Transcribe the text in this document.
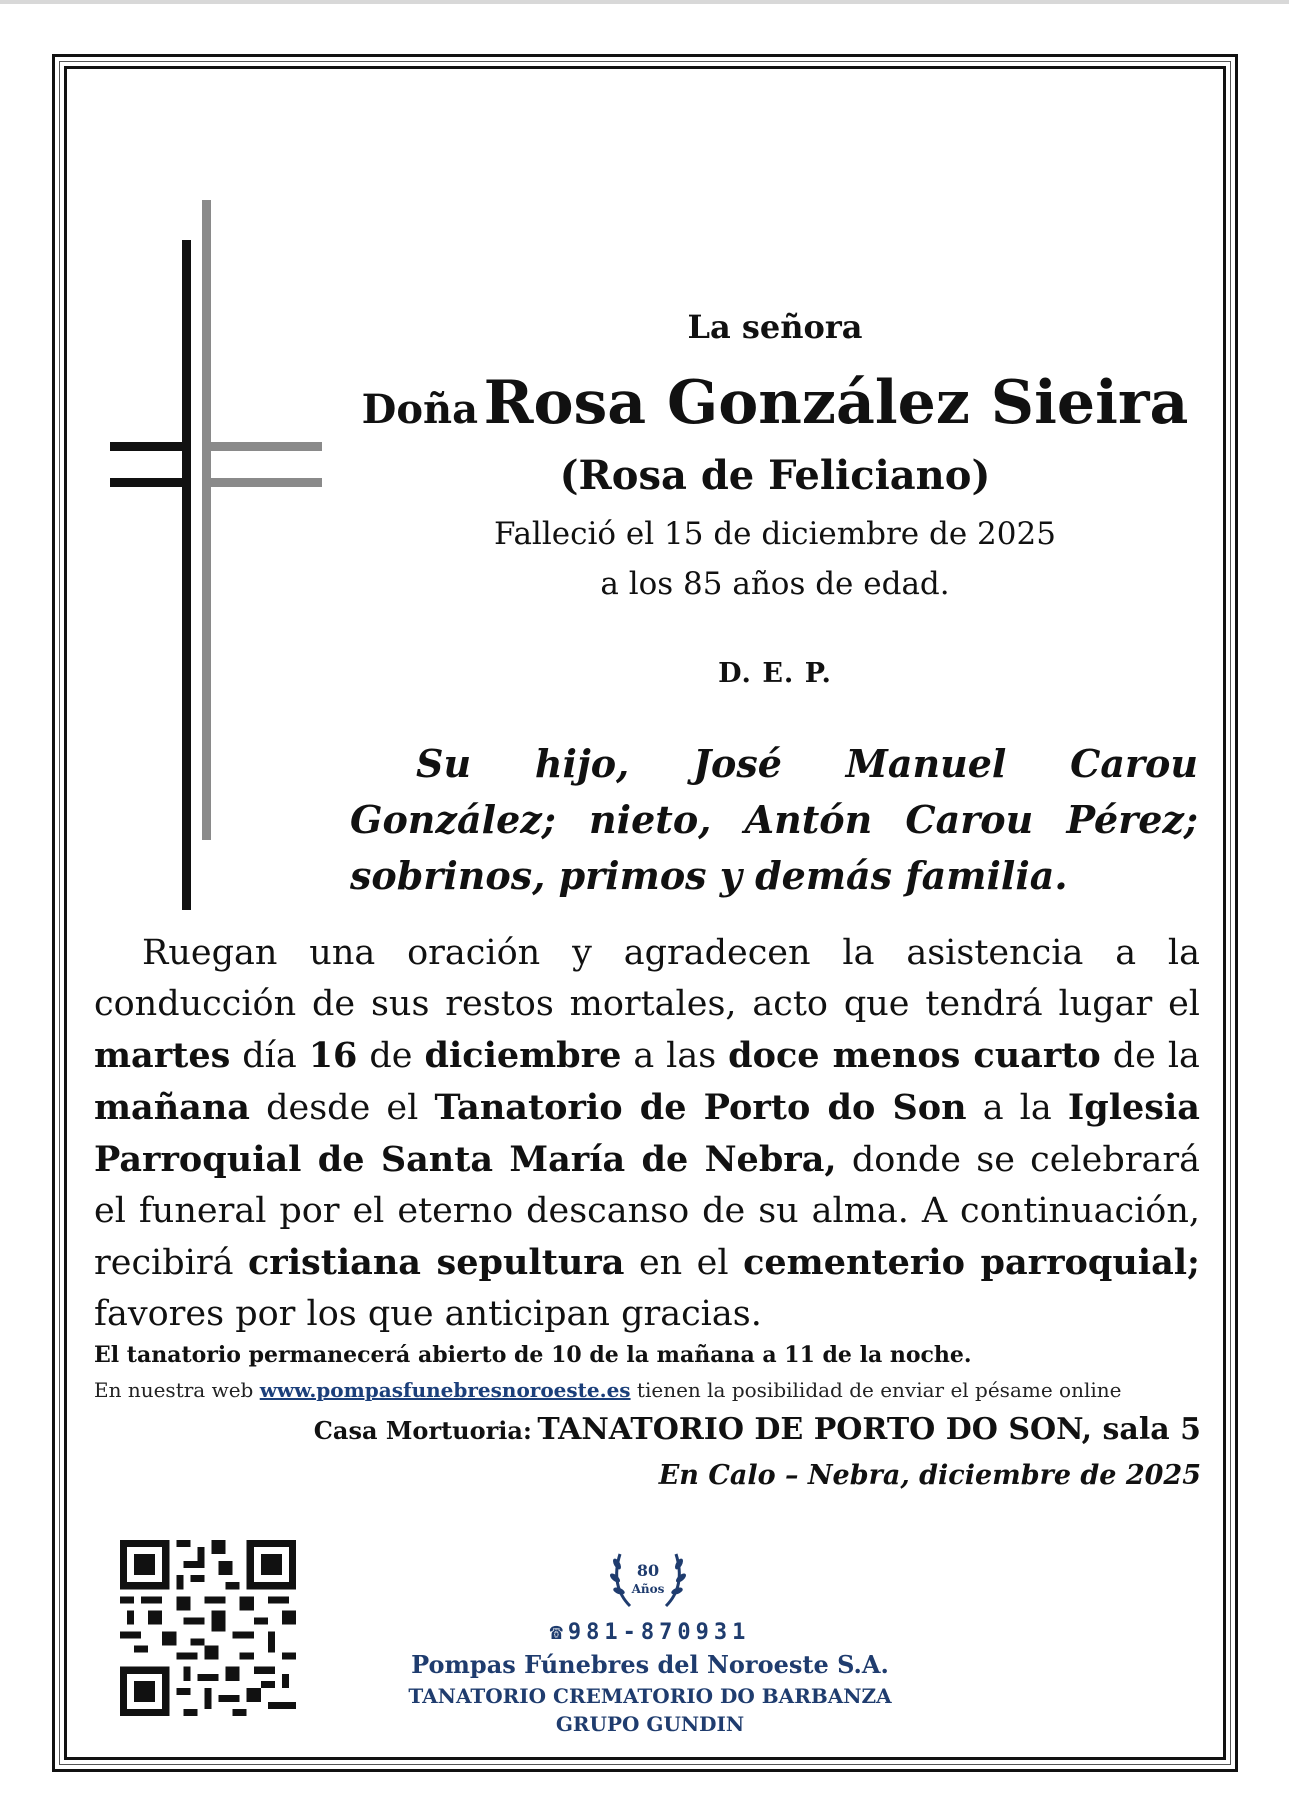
La señora
Doña Rosa González Sieira
(Rosa de Feliciano)
Falleció el 15 de diciembre de 2025
a los 85 años de edad.
D. E. P.

Su hijo, José Manuel Carou González; nieto, Antón Carou Pérez; sobrinos, primos y demás familia.

Ruegan una oración y agradecen la asistencia a la conducción de sus restos mortales, acto que tendrá lugar el martes día 16 de diciembre a las doce menos cuarto de la mañana desde el Tanatorio de Porto do Son a la Iglesia Parroquial de Santa María de Nebra, donde se celebrará el funeral por el eterno descanso de su alma. A continuación, recibirá cristiana sepultura en el cementerio parroquial; favores por los que anticipan gracias.

El tanatorio permanecerá abierto de 10 de la mañana a 11 de la noche.
En nuestra web www.pompasfunebresnoroeste.es tienen la posibilidad de enviar el pésame online
Casa Mortuoria: TANATORIO DE PORTO DO SON, sala 5
En Calo – Nebra, diciembre de 2025
80
Años
☎981-870931
Pompas Fúnebres del Noroeste S.A.
TANATORIO CREMATORIO DO BARBANZA
GRUPO GUNDIN
